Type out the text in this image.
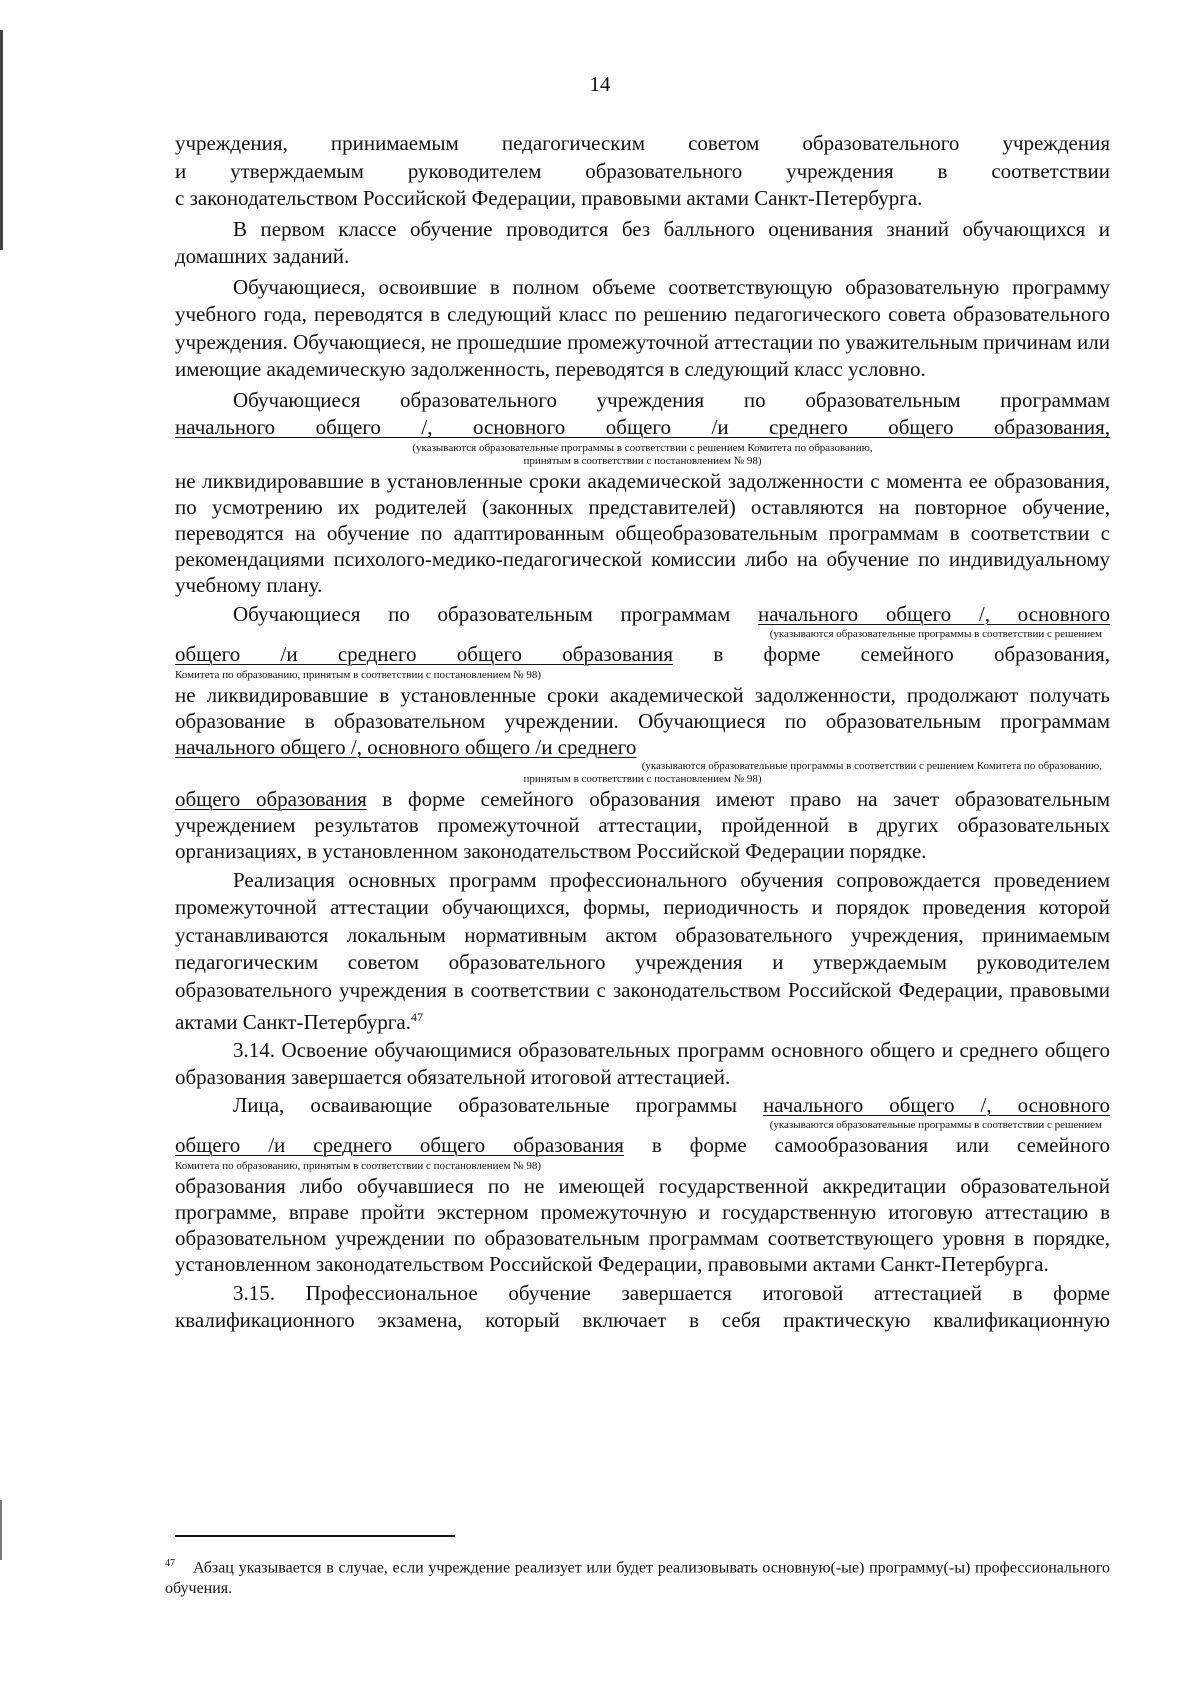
14

учреждения, принимаемым педагогическим советом образовательного учреждения

и утверждаемым руководителем образовательного учреждения в соответствии

с законодательством Российской Федерации, правовыми актами Санкт-Петербурга.

В первом классе обучение проводится без балльного оценивания знаний обучающихся и домашних заданий.

Обучающиеся, освоившие в полном объеме соответствующую образовательную программу учебного года, переводятся в следующий класс по решению педагогического совета образовательного учреждения. Обучающиеся, не прошедшие промежуточной аттестации по уважительным причинам или имеющие академическую задолженность, переводятся в следующий класс условно.

Обучающиеся образовательного учреждения по образовательным программам

начального общего /, основного общего /и среднего общего образования,

(указываются образовательные программы в соответствии с решением Комитета по образованию,
принятым в соответствии с постановлением № 98)

не ликвидировавшие в установленные сроки академической задолженности с момента ее образования, по усмотрению их родителей (законных представителей) оставляются на повторное обучение, переводятся на обучение по адаптированным общеобразовательным программам в соответствии с рекомендациями психолого-медико-педагогической комиссии либо на обучение по индивидуальному учебному плану.

Обучающиеся по образовательным программам начального общего /, основного

(указываются образовательные программы в соответствии с решением

общего /и среднего общего образования в форме семейного образования,

Комитета по образованию, принятым в соответствии с постановлением № 98)

не ликвидировавшие в установленные сроки академической задолженности, продолжают получать образование в образовательном учреждении. Обучающиеся по образовательным программам начального общего /, основного общего /и среднего

(указываются образовательные программы в соответствии с решением Комитета по образованию,
принятым в соответствии с постановлением № 98)

общего образования в форме семейного образования имеют право на зачет образовательным учреждением результатов промежуточной аттестации, пройденной в других образовательных организациях, в установленном законодательством Российской Федерации порядке.

Реализация основных программ профессионального обучения сопровождается проведением промежуточной аттестации обучающихся, формы, периодичность и порядок проведения которой устанавливаются локальным нормативным актом образовательного учреждения, принимаемым педагогическим советом образовательного учреждения и утверждаемым руководителем образовательного учреждения в соответствии с законодательством Российской Федерации, правовыми актами Санкт-Петербурга.$^{47}$

3.14. Освоение обучающимися образовательных программ основного общего и среднего общего образования завершается обязательной итоговой аттестацией.

Лица, осваивающие образовательные программы начального общего /, основного

(указываются образовательные программы в соответствии с решением

общего /и среднего общего образования в форме самообразования или семейного

Комитета по образованию, принятым в соответствии с постановлением № 98)

образования либо обучавшиеся по не имеющей государственной аккредитации образовательной программе, вправе пройти экстерном промежуточную и государственную итоговую аттестацию в образовательном учреждении по образовательным программам соответствующего уровня в порядке, установленном законодательством Российской Федерации, правовыми актами Санкт-Петербурга.

3.15. Профессиональное обучение завершается итоговой аттестацией в форме квалификационного экзамена, который включает в себя практическую квалификационную

$^{47}$ Абзац указывается в случае, если учреждение реализует или будет реализовывать основную(-ые) программу(-ы) профессионального обучения.
